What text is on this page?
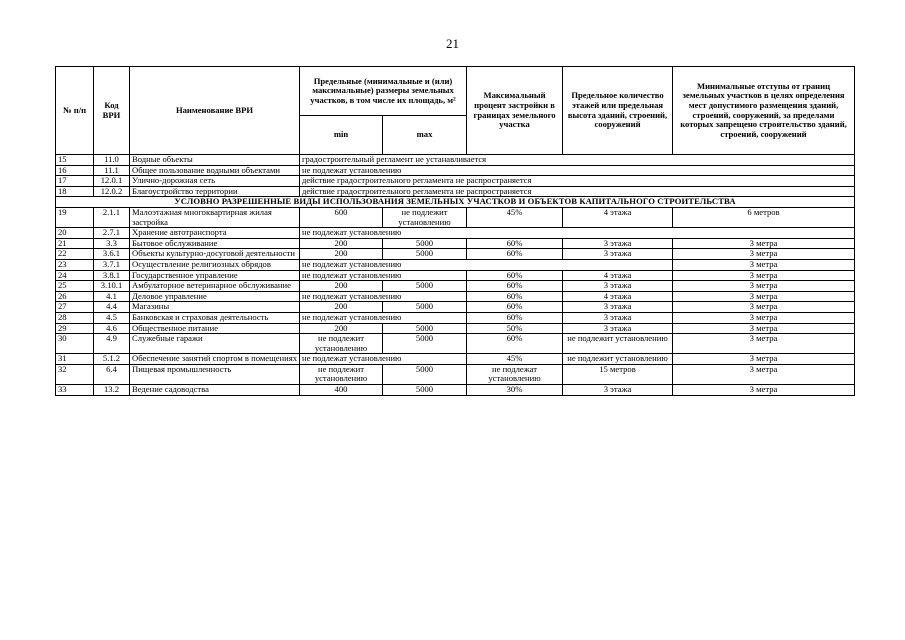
21
№ п/п	Код ВРИ	Наименование ВРИ	Предельные (минимальные и (или) максимальные) размеры земельных участков, в том числе их площадь, м²		Максимальный процент застройки в границах земельного участка	Предельное количество этажей или предельная высота зданий, строений, сооружений	Минимальные отступы от границ земельных участков в целях определения мест допустимого размещения зданий, строений, сооружений, за пределами которых запрещено строительство зданий, строений, сооружений
			min	max			
15	11.0	Водные объекты	градостроительный регламент не устанавливается				
16	11.1	Общее пользование водными объектами	не подлежат установлению				
17	12.0.1	Улично-дорожная сеть	действие градостроительного регламента не распространяется				
18	12.0.2	Благоустройство территории	действие градостроительного регламента не распространяется				
УСЛОВНО РАЗРЕШЕННЫЕ ВИДЫ ИСПОЛЬЗОВАНИЯ ЗЕМЕЛЬНЫХ УЧАСТКОВ И ОБЪЕКТОВ КАПИТАЛЬНОГО СТРОИТЕЛЬСТВА							
19	2.1.1	Малоэтажная многоквартирная жилая застройка	600	не подлежит установлению	45%	4 этажа	6 метров
20	2.7.1	Хранение автотранспорта	не подлежат установлению				
21	3.3	Бытовое обслуживание	200	5000	60%	3 этажа	3 метра
22	3.6.1	Объекты культурно-досуговой деятельности	200	5000	60%	3 этажа	3 метра
23	3.7.1	Осуществление религиозных обрядов	не подлежат установлению				3 метра
24	3.8.1	Государственное управление	не подлежат установлению		60%	4 этажа	3 метра
25	3.10.1	Амбулаторное ветеринарное обслуживание	200	5000	60%	3 этажа	3 метра
26	4.1	Деловое управление	не подлежат установлению		60%	4 этажа	3 метра
27	4.4	Магазины	200	5000	60%	3 этажа	3 метра
28	4.5	Банковская и страховая деятельность	не подлежат установлению		60%	3 этажа	3 метра
29	4.6	Общественное питание	200	5000	50%	3 этажа	3 метра
30	4.9	Служебные гаражи	не подлежит установлению	5000	60%	не подлежит установлению	3 метра
31	5.1.2	Обеспечение занятий спортом в помещениях	не подлежат установлению		45%	не подлежит установлению	3 метра
32	6.4	Пищевая промышленность	не подлежит установлению	5000	не подлежат установлению	15 метров	3 метра
33	13.2	Ведение садоводства	400	5000	30%	3 этажа	3 метра
